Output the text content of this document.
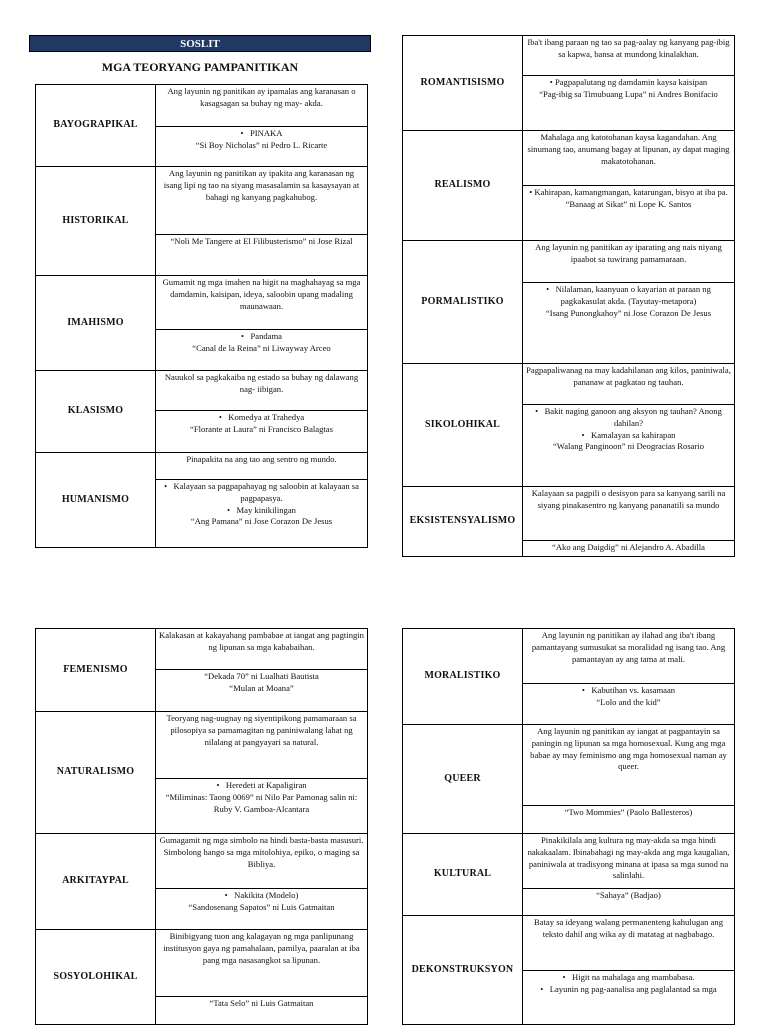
SOSLIT
MGA TEORYANG PAMPANITIKAN
BAYOGRAPIKAL	Ang layunin ng panitikan ay ipamalas ang karanasan o kasagsagan sa buhay ng may- akda.

	•   PINAKA
“Si Boy Nicholas” ni Pedro L. Ricarte

HISTORIKAL	Ang layunin ng panitikan ay ipakita ang karanasan ng isang lipi ng tao na siyang masasalamin sa kasaysayan at bahagi ng kanyang pagkahubog.

	“Noli Me Tangere at El Filibusterismo” ni Jose Rizal

IMAHISMO	Gumamit ng mga imahen na higit na maghahayag sa mga damdamin, kaisipan, ideya, saloobin upang madaling maunawaan.

	•   Pandama
“Canal de la Reina” ni Liwayway Arceo

KLASISMO	Nauukol sa pagkakaiba ng estado sa buhay ng dalawang nag- iibigan.

	•   Komedya at Trahedya
“Florante at Laura” ni Francisco Balagtas

HUMANISMO	Pinapakita na ang tao ang sentro ng mundo.

	•   Kalayaan sa pagpapahayag ng saloobin at kalayaan sa pagpapasya.
•   May kinikilingan
“Ang Pamana” ni Jose Corazon De Jesus
ROMANTISISMO	Iba't ibang paraan ng tao sa pag-aalay ng kanyang pag-ibig sa kapwa, bansa at mundong kinalakhan.

	• Pagpapalutang ng damdamin kaysa kaisipan
“Pag-ibig sa Timubuang Lupa” ni Andres Bonifacio

REALISMO	Mahalaga ang katotohanan kaysa kagandahan. Ang sinumang tao, anumang bagay at lipunan, ay dapat maging makatotohanan.

	• Kahirapan, kamangmangan, katarungan, bisyo at iba pa.
“Banaag at Sikat” ni Lope K. Santos

PORMALISTIKO	Ang layunin ng panitikan ay iparating ang nais niyang ipaabot sa tuwirang pamamaraan.

	•   Nilalaman, kaanyuan o kayarian at paraan ng pagkakasulat akda. (Tayutay-metapora)
“Isang Punongkahoy” ni Jose Corazon De Jesus

SIKOLOHIKAL	Pagpapaliwanag na may kadahilanan ang kilos, paniniwala, pananaw at pagkatao ng tauhan.

	•   Bakit naging ganoon ang aksyon ng tauhan? Anong dahilan?
•   Kamalayan sa kahirapan
“Walang Panginoon” ni Deogracias Rosario

EKSISTENSYALISMO	Kalayaan sa pagpili o desisyon para sa kanyang sarili na siyang pinakasentro ng kanyang pananatili sa mundo

	“Ako ang Daigdig” ni Alejandro A. Abadilla
FEMENISMO	Kalakasan at kakayahang pambabae at iangat ang pagtingin ng lipunan sa mga kababaihan.

	“Dekada 70” ni Lualhati Bautista
“Mulan at Moana”

NATURALISMO	Teoryang nag-uugnay ng siyentipikong pamamaraan sa pilosopiya sa pamamagitan ng paniniwalang lahat ng nilalang at pangyayari sa natural.

	•   Heredeti at Kapaligiran
“Miliminas: Taong 0069” ni Nilo Par Pamonag salin ni: Ruby V. Gamboa-Alcantara

ARKITAYPAL	Gumagamit ng mga simbolo na hindi basta-basta masusuri. Simbolong hango sa mga mitolohiya, epiko, o maging sa Bibliya.

	•   Nakikita (Modelo)
“Sandosenang Sapatos” ni Luis Gatmaitan

SOSYOLOHIKAL	Binibigyang tuon ang kalagayan ng mga panlipunang institusyon gaya ng pamahalaan, pamilya, paaralan at iba pang mga nasasangkot sa lipunan.

	“Tata Selo” ni Luis Gatmaitan
MORALISTIKO	Ang layunin ng panitikan ay ilahad ang iba't ibang pamantayang sumusukat sa moralidad ng isang tao. Ang pamantayan ay ang tama at mali.

	•   Kabutihan vs. kasamaan
“Lolo and the kid”

QUEER	Ang layunin ng panitikan ay iangat at pagpantayin sa paningin ng lipunan sa mga homosexual. Kung ang mga babae ay may feminismo ang mga homosexual naman ay queer.

	“Two Mommies” (Paolo Ballesteros)

KULTURAL	Pinakikilala ang kultura ng may-akda sa mga hindi nakakaalam. Ibinabahagi ng may-akda ang mga kaugalian, paniniwala at tradisyong minana at ipasa sa mga sunod na salinlahi.

	“Sahaya” (Badjao)

DEKONSTRUKSYON	Batay sa ideyang walang permanenteng kahulugan ang teksto dahil ang wika ay di matatag at nagbabago.

	•   Higit na mahalaga ang mambabasa.
•   Layunin ng pag-aanalisa ang paglalantad sa mga
